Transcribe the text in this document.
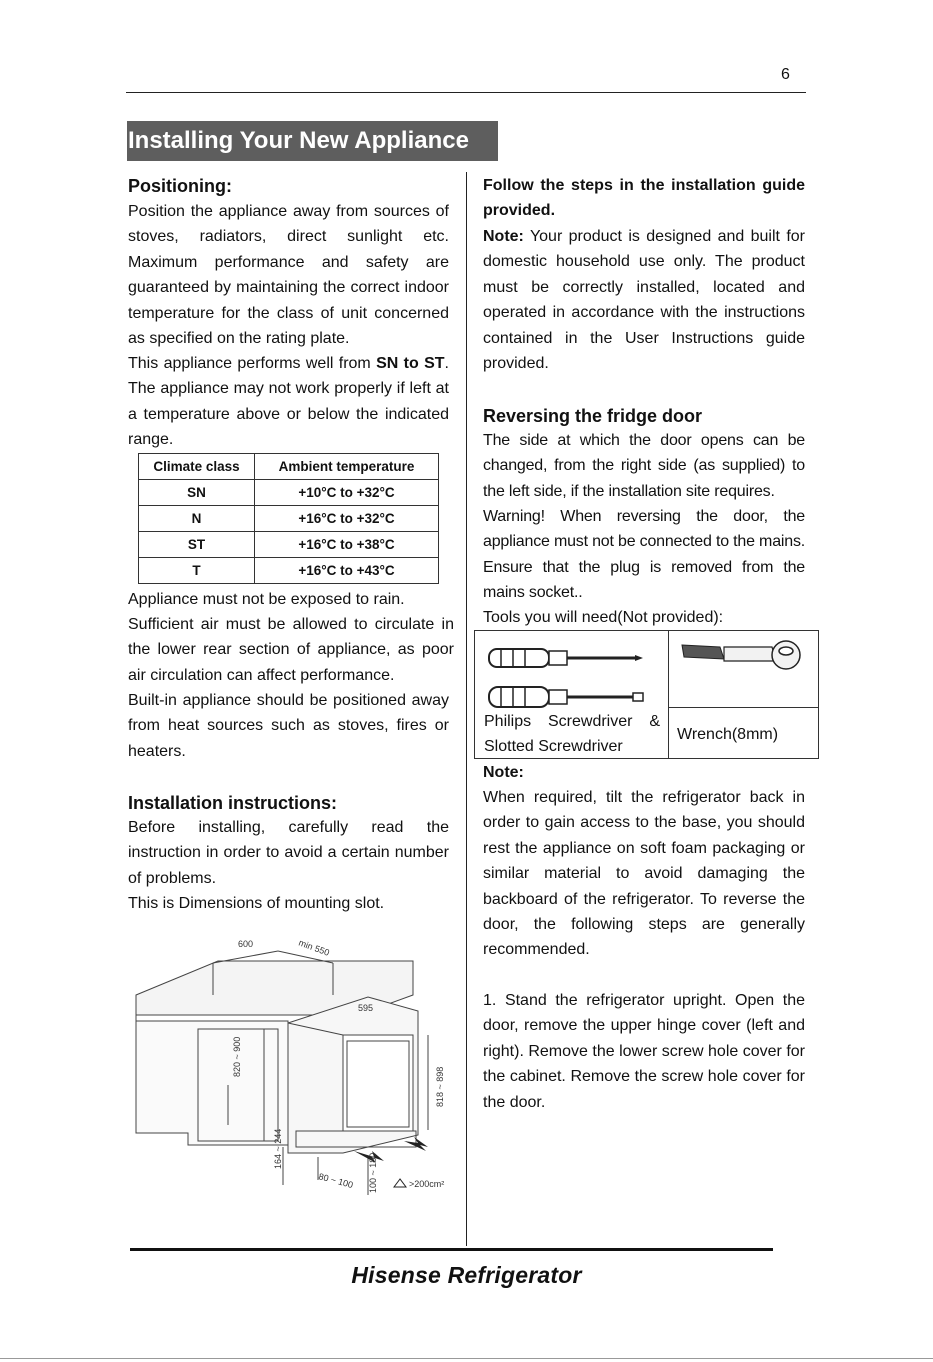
6
Installing Your New Appliance
Positioning:

Position the appliance away from sources of stoves, radiators, direct sunlight etc. Maximum performance and safety are guaranteed by maintaining the correct indoor temperature for the class of unit concerned as specified on the rating plate.

This appliance performs well from SN to ST. The appliance may not work properly if left at a temperature above or below the indicated range.

Climate class	Ambient temperature
SN	+10°C to +32°C
N	+16°C to +32°C
ST	+16°C to +38°C
T	+16°C to +43°C

Appliance must not be exposed to rain.

Sufficient air must be allowed to circulate in the lower rear section of appliance, as poor air circulation can affect performance.

Built-in appliance should be positioned away from heat sources such as stoves, fires or heaters.

Installation instructions:

Before installing, carefully read the instruction in order to avoid a certain number of problems.

This is Dimensions of mounting slot.

600	min 550
595
820 ~ 900
818 ~ 898
164 ~ 244
80 ~ 100 100 ~ 180	>200cm²

Follow the steps in the installation guide provided.

Note: Your product is designed and built for domestic household use only. The product must be correctly installed, located and operated in accordance with the instructions contained in the User Instructions guide provided.

Reversing the fridge door

The side at which the door opens can be changed, from the right side (as supplied) to the left side, if the installation site requires.

Warning! When reversing the door, the appliance must not be connected to the mains. Ensure that the plug is removed from the mains socket..

Tools you will need(Not provided):

Philips Screwdriver & Slotted Screwdriver
Wrench(8mm)

Note:

When required, tilt the refrigerator back in order to gain access to the base, you should rest the appliance on soft foam packaging or similar material to avoid damaging the backboard of the refrigerator. To reverse the door, the following steps are generally recommended.

1. Stand the refrigerator upright. Open the door, remove the upper hinge cover (left and right). Remove the lower screw hole cover for the cabinet. Remove the screw hole cover for the door.

Hisense Refrigerator
